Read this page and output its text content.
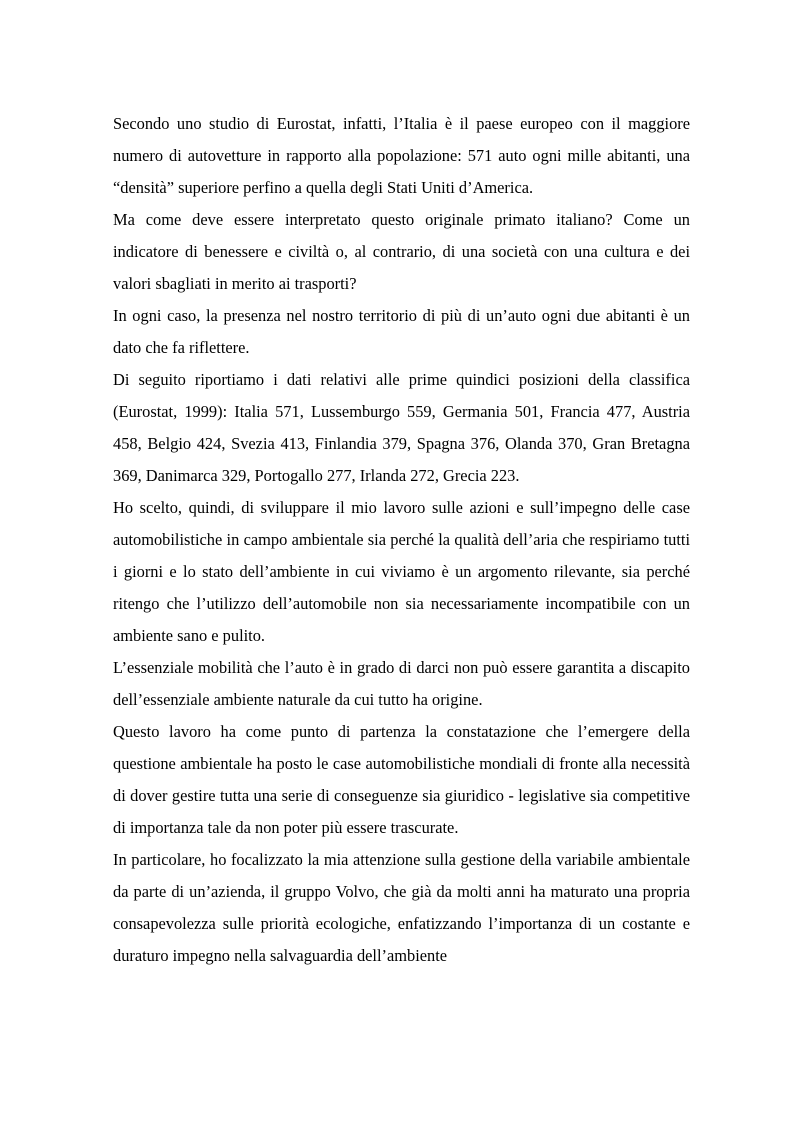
Secondo uno studio di Eurostat, infatti, l’Italia è il paese europeo con il maggiore numero di autovetture in rapporto alla popolazione: 571 auto ogni mille abitanti, una “densità” superiore perfino a quella degli Stati Uniti d’America.

Ma come deve essere interpretato questo originale primato italiano? Come un indicatore di benessere e civiltà o, al contrario, di una società con una cultura e dei valori sbagliati in merito ai trasporti?

In ogni caso, la presenza nel nostro territorio di più di un’auto ogni due abitanti è un dato che fa riflettere.

Di seguito riportiamo i dati relativi alle prime quindici posizioni della classifica (Eurostat, 1999): Italia 571, Lussemburgo 559, Germania 501, Francia 477, Austria 458, Belgio 424, Svezia 413, Finlandia 379, Spagna 376, Olanda 370, Gran Bretagna 369, Danimarca 329, Portogallo 277, Irlanda 272, Grecia 223.

Ho scelto, quindi, di sviluppare il mio lavoro sulle azioni e sull’impegno delle case automobilistiche in campo ambientale sia perché la qualità dell’aria che respiriamo tutti i giorni e lo stato dell’ambiente in cui viviamo è un argomento rilevante, sia perché ritengo che l’utilizzo dell’automobile non sia necessariamente incompatibile con un ambiente sano e pulito.

L’essenziale mobilità che l’auto è in grado di darci non può essere garantita a discapito dell’essenziale ambiente naturale da cui tutto ha origine.

Questo lavoro ha come punto di partenza la constatazione che l’emergere della questione ambientale ha posto le case automobilistiche mondiali di fronte alla necessità di dover gestire tutta una serie di conseguenze sia giuridico - legislative sia competitive di importanza tale da non poter più essere trascurate.

In particolare, ho focalizzato la mia attenzione sulla gestione della variabile ambientale da parte di un’azienda, il gruppo Volvo, che già da molti anni ha maturato una propria consapevolezza sulle priorità ecologiche, enfatizzando l’importanza di un costante e duraturo impegno nella salvaguardia dell’ambiente
